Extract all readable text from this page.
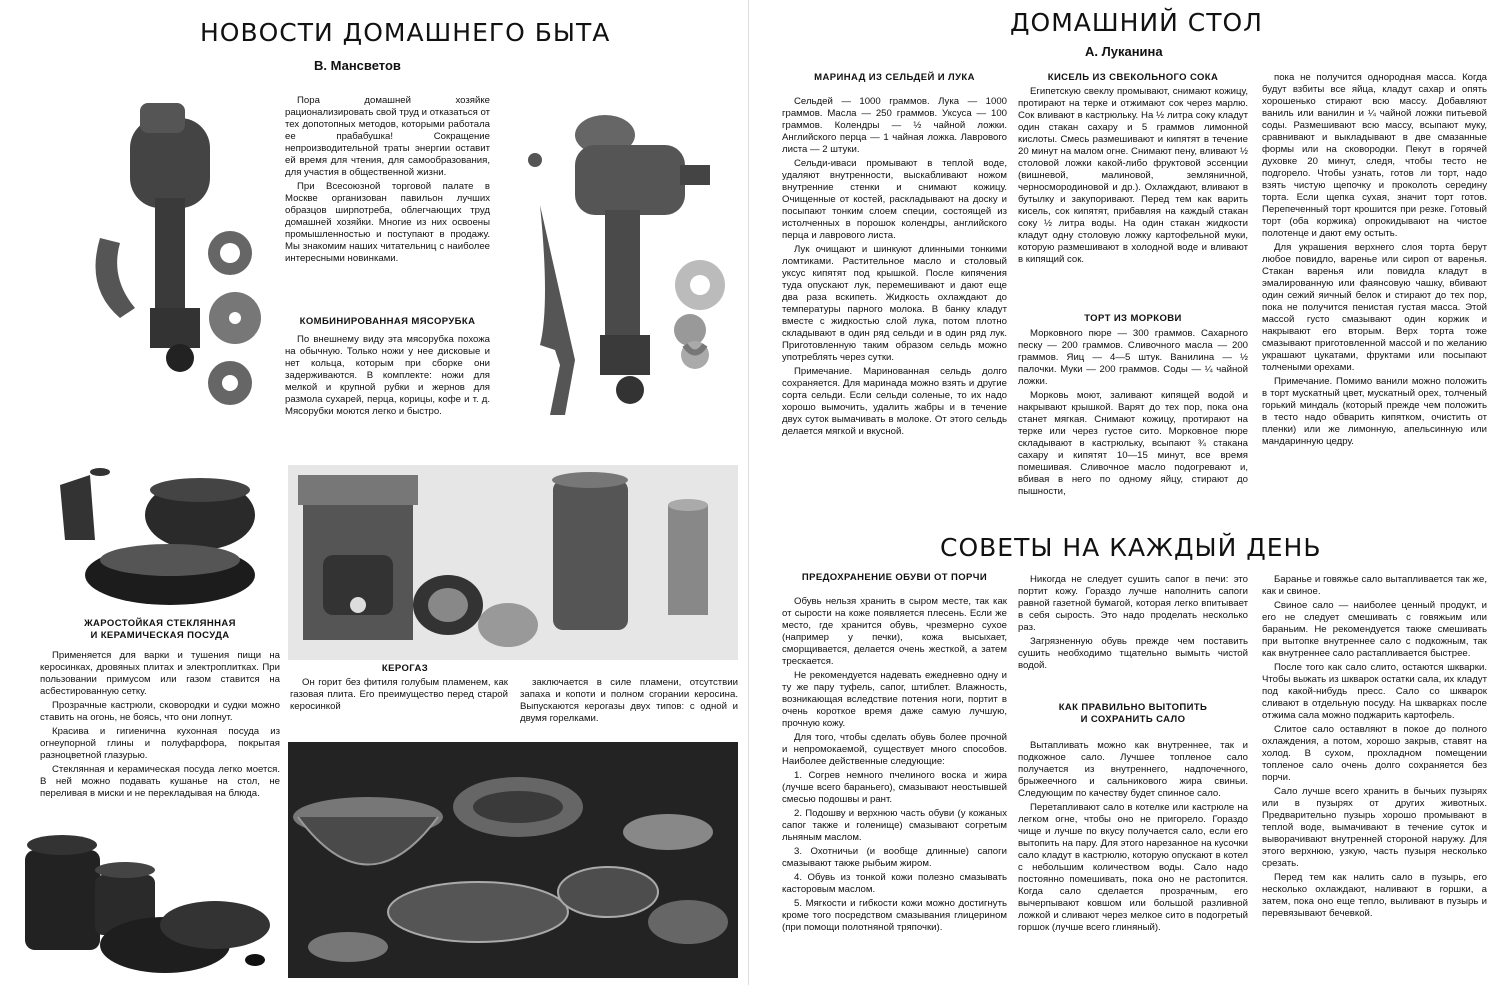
НОВОСТИ ДОМАШНЕГО БЫТА
В. Мансветов

Пора домашней хозяйке рационализировать свой труд и отказаться от тех допотопных методов, которыми работала ее прабабушка! Сокращение непроизводительной траты энергии оставит ей время для чтения, для самообразования, для участия в общественной жизни.

При Всесоюзной торговой палате в Москве организован павильон лучших образцов ширпотреба, облегчающих труд домашней хозяйки. Многие из них освоены промышленностью и поступают в продажу. Мы знакомим наших читательниц с наиболее интересными новинками.

КОМБИНИРОВАННАЯ МЯСОРУБКА

По внешнему виду эта мясорубка похожа на обычную. Только ножи у нее дисковые и нет кольца, которым при сборке они задерживаются. В комплекте: ножи для мелкой и крупной рубки и жернов для размола сухарей, перца, корицы, кофе и т. д. Мясорубки моются легко и быстро.

ЖАРОСТОЙКАЯ СТЕКЛЯННАЯ
И КЕРАМИЧЕСКАЯ ПОСУДА

Применяется для варки и тушения пищи на керосинках, дровяных плитах и электроплитках. При пользовании примусом или газом ставится на асбестированную сетку.

Прозрачные кастрюли, сковородки и судки можно ставить на огонь, не боясь, что они лопнут.

Красива и гигиенична кухонная посуда из огнеупорной глины и полуфарфора, покрытая разноцветной глазурью.

Стеклянная и керамическая посуда легко моется. В ней можно подавать кушанье на стол, не переливая в миски и не перекладывая на блюда.

КЕРОГАЗ

Он горит без фитиля голубым пламенем, как газовая плита. Его преимущество перед старой керосинкой

заключается в силе пламени, отсутствии запаха и копоти и полном сгорании керосина. Выпускаются керогазы двух типов: с одной и двумя горелками.

ДОМАШНИЙ СТОЛ
А. Луканина
МАРИНАД ИЗ СЕЛЬДЕЙ И ЛУКА

Сельдей — 1000 граммов. Лука — 1000 граммов. Масла — 250 граммов. Уксуса — 100 граммов. Колендры — ½ чайной ложки. Английского перца — 1 чайная ложка. Лаврового листа — 2 штуки.

Сельди-иваси промывают в теплой воде, удаляют внутренности, выскабливают ножом внутренние стенки и снимают кожицу. Очищенные от костей, раскладывают на доску и посыпают тонким слоем специи, состоящей из истолченных в порошок колендры, английского перца и лаврового листа.

Лук очищают и шинкуют длинными тонкими ломтиками. Растительное масло и столовый уксус кипятят под крышкой. После кипячения туда опускают лук, перемешивают и дают еще два раза вскипеть. Жидкость охлаждают до температуры парного молока. В банку кладут вместе с жидкостью слой лука, потом плотно складывают в один ряд сельди и в один ряд лук. Приготовленную таким образом сельдь можно употреблять через сутки.

Примечание. Маринованная сельдь долго сохраняется. Для маринада можно взять и другие сорта сельди. Если сельди соленые, то их надо хорошо вымочить, удалить жабры и в течение двух суток вымачивать в молоке. От этого сельдь делается мягкой и вкусной.

КИСЕЛЬ ИЗ СВЕКОЛЬНОГО СОКА

Египетскую свеклу промывают, снимают кожицу, протирают на терке и отжимают сок через марлю. Сок вливают в кастрюльку. На ½ литра соку кладут один стакан сахару и 5 граммов лимонной кислоты. Смесь размешивают и кипятят в течение 20 минут на малом огне. Снимают пену, вливают ½ столовой ложки какой-либо фруктовой эссенции (вишневой, малиновой, земляничной, черносмородиновой и др.). Охлаждают, вливают в бутылку и закупоривают. Перед тем как варить кисель, сок кипятят, прибавляя на каждый стакан соку ½ литра воды. На один стакан жидкости кладут одну столовую ложку картофельной муки, которую размешивают в холодной воде и вливают в кипящий сок.

ТОРТ ИЗ МОРКОВИ

Морковного пюре — 300 граммов. Сахарного песку — 200 граммов. Сливочного масла — 200 граммов. Яиц — 4—5 штук. Ванилина — ½ палочки. Муки — 200 граммов. Соды — ¼ чайной ложки.

Морковь моют, заливают кипящей водой и накрывают крышкой. Варят до тех пор, пока она станет мягкая. Снимают кожицу, протирают на терке или через густое сито. Морковное пюре складывают в кастрюльку, всыпают ¾ стакана сахару и кипятят 10—15 минут, все время помешивая. Сливочное масло подогревают и, вбивая в него по одному яйцу, стирают до пышности,

пока не получится однородная масса. Когда будут взбиты все яйца, кладут сахар и опять хорошенько стирают всю массу. Добавляют ваниль или ванилин и ¼ чайной ложки питьевой соды. Размешивают всю массу, всыпают муку, сравнивают и выкладывают в две смазанные формы или на сковородки. Пекут в горячей духовке 20 минут, следя, чтобы тесто не подгорело. Чтобы узнать, готов ли торт, надо взять чистую щепочку и проколоть середину торта. Если щепка сухая, значит торт готов. Перепеченный торт крошится при резке. Готовый торт (оба коржика) опрокидывают на чистое полотенце и дают ему остыть.

Для украшения верхнего слоя торта берут любое повидло, варенье или сироп от варенья. Стакан варенья или повидла кладут в эмалированную или фаянсовую чашку, вбивают один сежий яичный белок и стирают до тех пор, пока не получится пенистая густая масса. Этой массой густо смазывают один коржик и накрывают его вторым. Верх торта тоже смазывают приготовленной массой и по желанию украшают цукатами, фруктами или посыпают толчеными орехами.

Примечание. Помимо ванили можно положить в торт мускатный цвет, мускатный орех, толченый горький миндаль (который прежде чем положить в тесто надо обварить кипятком, очистить от пленки) или же лимонную, апельсинную или мандаринную цедру.

СОВЕТЫ НА КАЖДЫЙ ДЕНЬ
ПРЕДОХРАНЕНИЕ ОБУВИ ОТ ПОРЧИ

Обувь нельзя хранить в сыром месте, так как от сырости на коже появляется плесень. Если же место, где хранится обувь, чрезмерно сухое (например у печки), кожа высыхает, сморщивается, делается очень жесткой, а затем трескается.

Не рекомендуется надевать ежедневно одну и ту же пару туфель, сапог, штиблет. Влажность, возникающая вследствие потения ноги, портит в очень короткое время даже самую лучшую, прочную кожу.

Для того, чтобы сделать обувь более прочной и непромокаемой, существует много способов. Наиболее действенные следующие:

1. Согрев немного пчелиного воска и жира (лучше всего бараньего), смазывают неостывшей смесью подошвы и рант.

2. Подошву и верхнюю часть обуви (у кожаных сапог также и голенище) смазывают согретым льняным маслом.

3. Охотничьи (и вообще длинные) сапоги смазывают также рыбьим жиром.

4. Обувь из тонкой кожи полезно смазывать касторовым маслом.

5. Мягкости и гибкости кожи можно достигнуть кроме того посредством смазывания глицерином (при помощи полотняной тряпочки).

Никогда не следует сушить сапог в печи: это портит кожу. Гораздо лучше наполнить сапоги равной газетной бумагой, которая легко впитывает в себя сырость. Это надо проделать несколько раз.

Загрязненную обувь прежде чем поставить сушить необходимо тщательно вымыть чистой водой.

КАК ПРАВИЛЬНО ВЫТОПИТЬ
И СОХРАНИТЬ САЛО

Вытапливать можно как внутреннее, так и подкожное сало. Лучшее топленое сало получается из внутреннего, надпочечного, брыжеечного и сальникового жира свиньи. Следующим по качеству будет спинное сало.

Перетапливают сало в котелке или кастрюле на легком огне, чтобы оно не пригорело. Гораздо чище и лучше по вкусу получается сало, если его вытопить на пару. Для этого нарезанное на кусочки сало кладут в кастрюлю, которую опускают в котел с небольшим количеством воды. Сало надо постоянно помешивать, пока оно не растопится. Когда сало сделается прозрачным, его вычерпывают ковшом или большой разливной ложкой и сливают через мелкое сито в подогретый горшок (лучше всего глиняный).

Баранье и говяжье сало вытапливается так же, как и свиное.

Свиное сало — наиболее ценный продукт, и его не следует смешивать с говяжьим или бараньим. Не рекомендуется также смешивать при вытопке внутреннее сало с подкожным, так как внутреннее сало растапливается быстрее.

После того как сало слито, остаются шкварки. Чтобы выжать из шкварок остатки сала, их кладут под какой-нибудь пресс. Сало со шкварок сливают в отдельную посуду. На шкварках после отжима сала можно поджарить картофель.

Слитое сало оставляют в покое до полного охлаждения, а потом, хорошо закрыв, ставят на холод. В сухом, прохладном помещении топленое сало очень долго сохраняется без порчи.

Сало лучше всего хранить в бычьих пузырях или в пузырях от других животных. Предварительно пузырь хорошо промывают в теплой воде, вымачивают в течение суток и выворачивают внутренней стороной наружу. Для этого верхнюю, узкую, часть пузыря несколько срезать.

Перед тем как налить сало в пузырь, его несколько охлаждают, наливают в горшки, а затем, пока оно еще тепло, выливают в пузырь и перевязывают бечевкой.
